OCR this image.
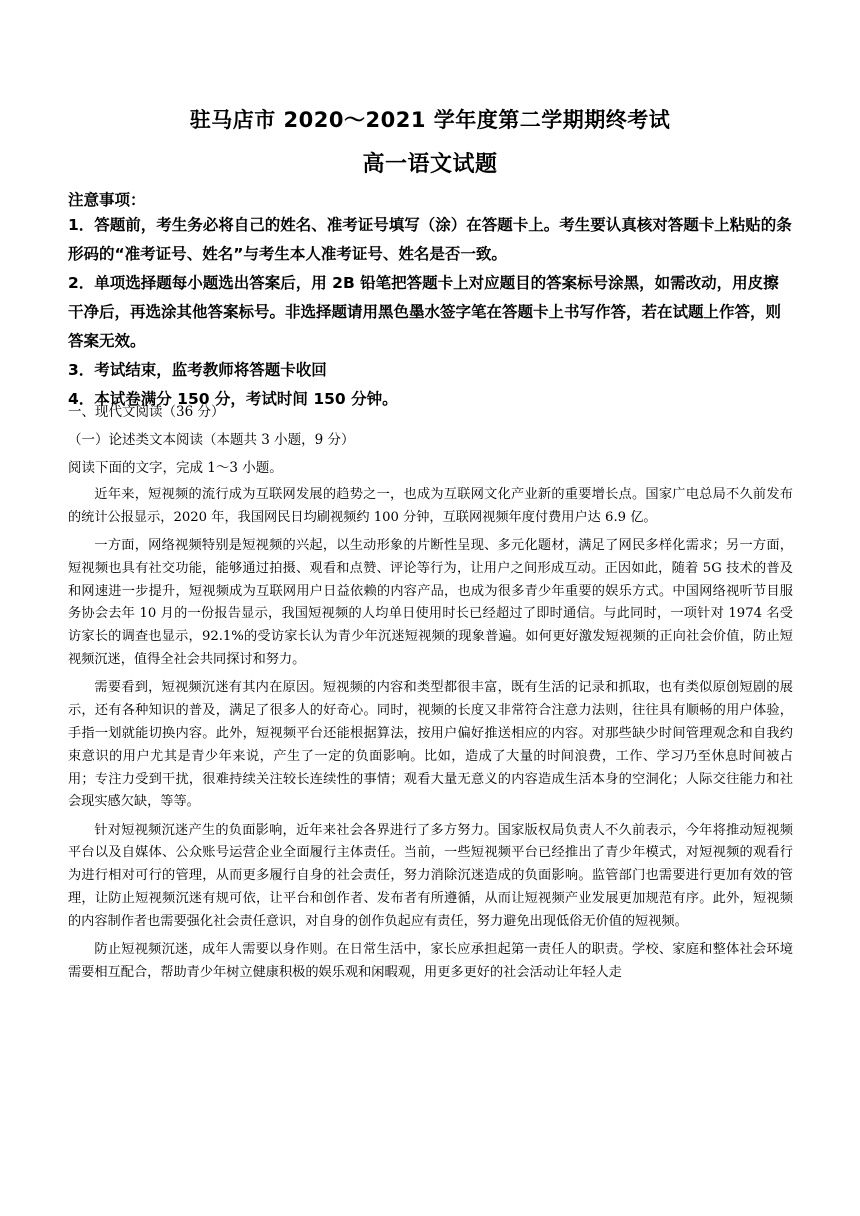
驻马店市 2020～2021 学年度第二学期期终考试
高一语文试题
注意事项：

1．答题前，考生务必将自己的姓名、准考证号填写（涂）在答题卡上。考生要认真核对答题卡上粘贴的条形码的“准考证号、姓名”与考生本人准考证号、姓名是否一致。

2．单项选择题每小题选出答案后，用 2B 铅笔把答题卡上对应题目的答案标号涂黑，如需改动，用皮擦干净后，再选涂其他答案标号。非选择题请用黑色墨水签字笔在答题卡上书写作答，若在试题上作答，则答案无效。

3．考试结束，监考教师将答题卡收回

4．本试卷满分 150 分，考试时间 150 分钟。

一、现代文阅读（36 分）
（一）论述类文本阅读（本题共 3 小题，9 分）
阅读下面的文字，完成 1～3 小题。

近年来，短视频的流行成为互联网发展的趋势之一，也成为互联网文化产业新的重要增长点。国家广电总局不久前发布的统计公报显示，2020 年，我国网民日均刷视频约 100 分钟，互联网视频年度付费用户达 6.9 亿。

一方面，网络视频特别是短视频的兴起，以生动形象的片断性呈现、多元化题材，满足了网民多样化需求；另一方面，短视频也具有社交功能，能够通过拍摄、观看和点赞、评论等行为，让用户之间形成互动。正因如此，随着 5G 技术的普及和网速进一步提升，短视频成为互联网用户日益依赖的内容产品，也成为很多青少年重要的娱乐方式。中国网络视听节目服务协会去年 10 月的一份报告显示，我国短视频的人均单日使用时长已经超过了即时通信。与此同时，一项针对 1974 名受访家长的调查也显示，92.1%的受访家长认为青少年沉迷短视频的现象普遍。如何更好激发短视频的正向社会价值，防止短视频沉迷，值得全社会共同探讨和努力。

需要看到，短视频沉迷有其内在原因。短视频的内容和类型都很丰富，既有生活的记录和抓取，也有类似原创短剧的展示，还有各种知识的普及，满足了很多人的好奇心。同时，视频的长度又非常符合注意力法则，往往具有顺畅的用户体验，手指一划就能切换内容。此外，短视频平台还能根据算法，按用户偏好推送相应的内容。对那些缺少时间管理观念和自我约束意识的用户尤其是青少年来说，产生了一定的负面影响。比如，造成了大量的时间浪费，工作、学习乃至休息时间被占用；专注力受到干扰，很难持续关注较长连续性的事情；观看大量无意义的内容造成生活本身的空洞化；人际交往能力和社会现实感欠缺，等等。

针对短视频沉迷产生的负面影响，近年来社会各界进行了多方努力。国家版权局负责人不久前表示，今年将推动短视频平台以及自媒体、公众账号运营企业全面履行主体责任。当前，一些短视频平台已经推出了青少年模式，对短视频的观看行为进行相对可行的管理，从而更多履行自身的社会责任，努力消除沉迷造成的负面影响。监管部门也需要进行更加有效的管理，让防止短视频沉迷有规可依，让平台和创作者、发布者有所遵循，从而让短视频产业发展更加规范有序。此外，短视频的内容制作者也需要强化社会责任意识，对自身的创作负起应有责任，努力避免出现低俗无价值的短视频。

防止短视频沉迷，成年人需要以身作则。在日常生活中，家长应承担起第一责任人的职责。学校、家庭和整体社会环境需要相互配合，帮助青少年树立健康积极的娱乐观和闲暇观，用更多更好的社会活动让年轻人走
